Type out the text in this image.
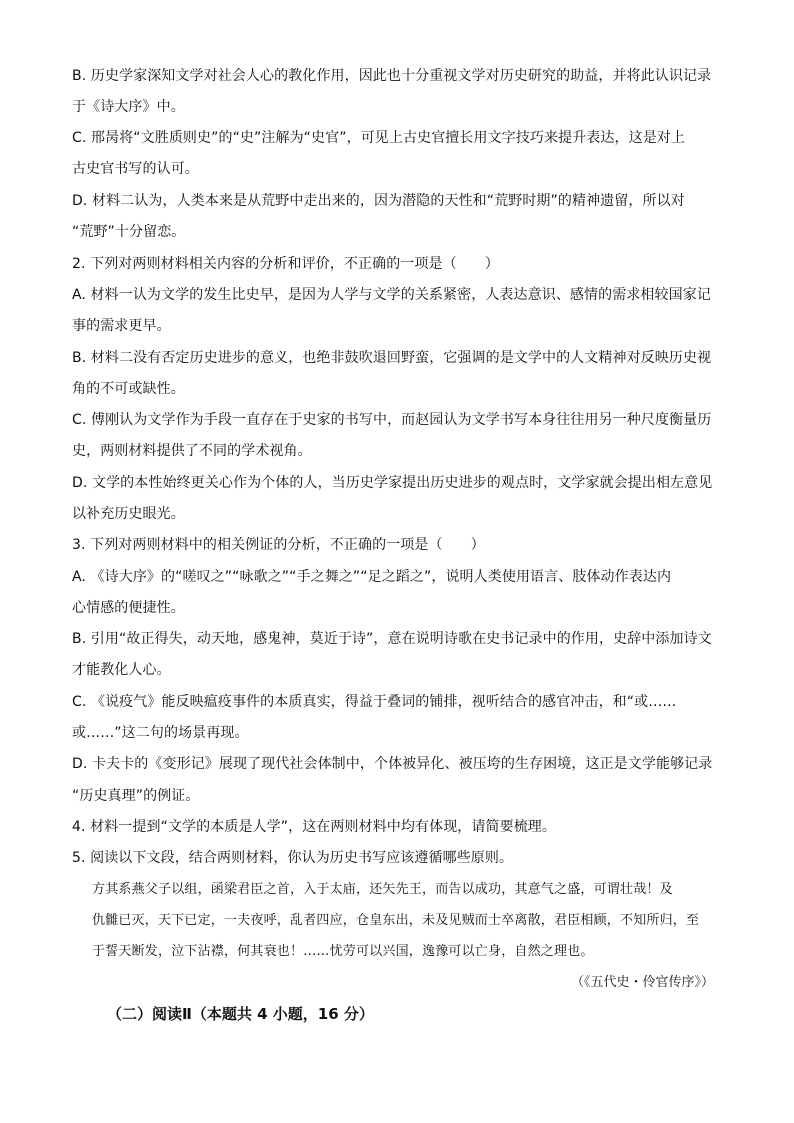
B. 历史学家深知文学对社会人心的教化作用，因此也十分重视文学对历史研究的助益，并将此认识记录
于《诗大序》中。
C. 邢昺将“文胜质则史”的“史”注解为“史官”，可见上古史官擅长用文字技巧来提升表达，这是对上
古史官书写的认可。
D. 材料二认为，人类本来是从荒野中走出来的，因为潜隐的天性和“荒野时期”的精神遗留，所以对
“荒野”十分留恋。
2. 下列对两则材料相关内容的分析和评价，不正确的一项是（　　）
A. 材料一认为文学的发生比史早，是因为人学与文学的关系紧密，人表达意识、感情的需求相较国家记
事的需求更早。
B. 材料二没有否定历史进步的意义，也绝非鼓吹退回野蛮，它强调的是文学中的人文精神对反映历史视
角的不可或缺性。
C. 傅刚认为文学作为手段一直存在于史家的书写中，而赵园认为文学书写本身往往用另一种尺度衡量历
史，两则材料提供了不同的学术视角。
D. 文学的本性始终更关心作为个体的人，当历史学家提出历史进步的观点时，文学家就会提出相左意见
以补充历史眼光。
3. 下列对两则材料中的相关例证的分析，不正确的一项是（　　）
A. 《诗大序》的“嗟叹之”“咏歌之”“手之舞之”“足之蹈之”，说明人类使用语言、肢体动作表达内
心情感的便捷性。
B. 引用“故正得失，动天地，感鬼神，莫近于诗”，意在说明诗歌在史书记录中的作用，史辞中添加诗文
才能教化人心。
C. 《说疫气》能反映瘟疫事件的本质真实，得益于叠词的铺排，视听结合的感官冲击，和“或……
或……”这二句的场景再现。
D. 卡夫卡的《变形记》展现了现代社会体制中，个体被异化、被压垮的生存困境，这正是文学能够记录
“历史真理”的例证。
4. 材料一提到“文学的本质是人学”，这在两则材料中均有体现，请简要梳理。
5. 阅读以下文段，结合两则材料，你认为历史书写应该遵循哪些原则。
方其系燕父子以组，函梁君臣之首，入于太庙，还矢先王，而告以成功，其意气之盛，可谓壮哉！及
仇雠已灭，天下已定，一夫夜呼，乱者四应，仓皇东出，未及见贼而士卒离散，君臣相顾，不知所归，至
于誓天断发，泣下沾襟，何其衰也！……忧劳可以兴国，逸豫可以亡身，自然之理也。
（《五代史・伶官传序》）
（二）阅读Ⅱ（本题共 4 小题，16 分）
